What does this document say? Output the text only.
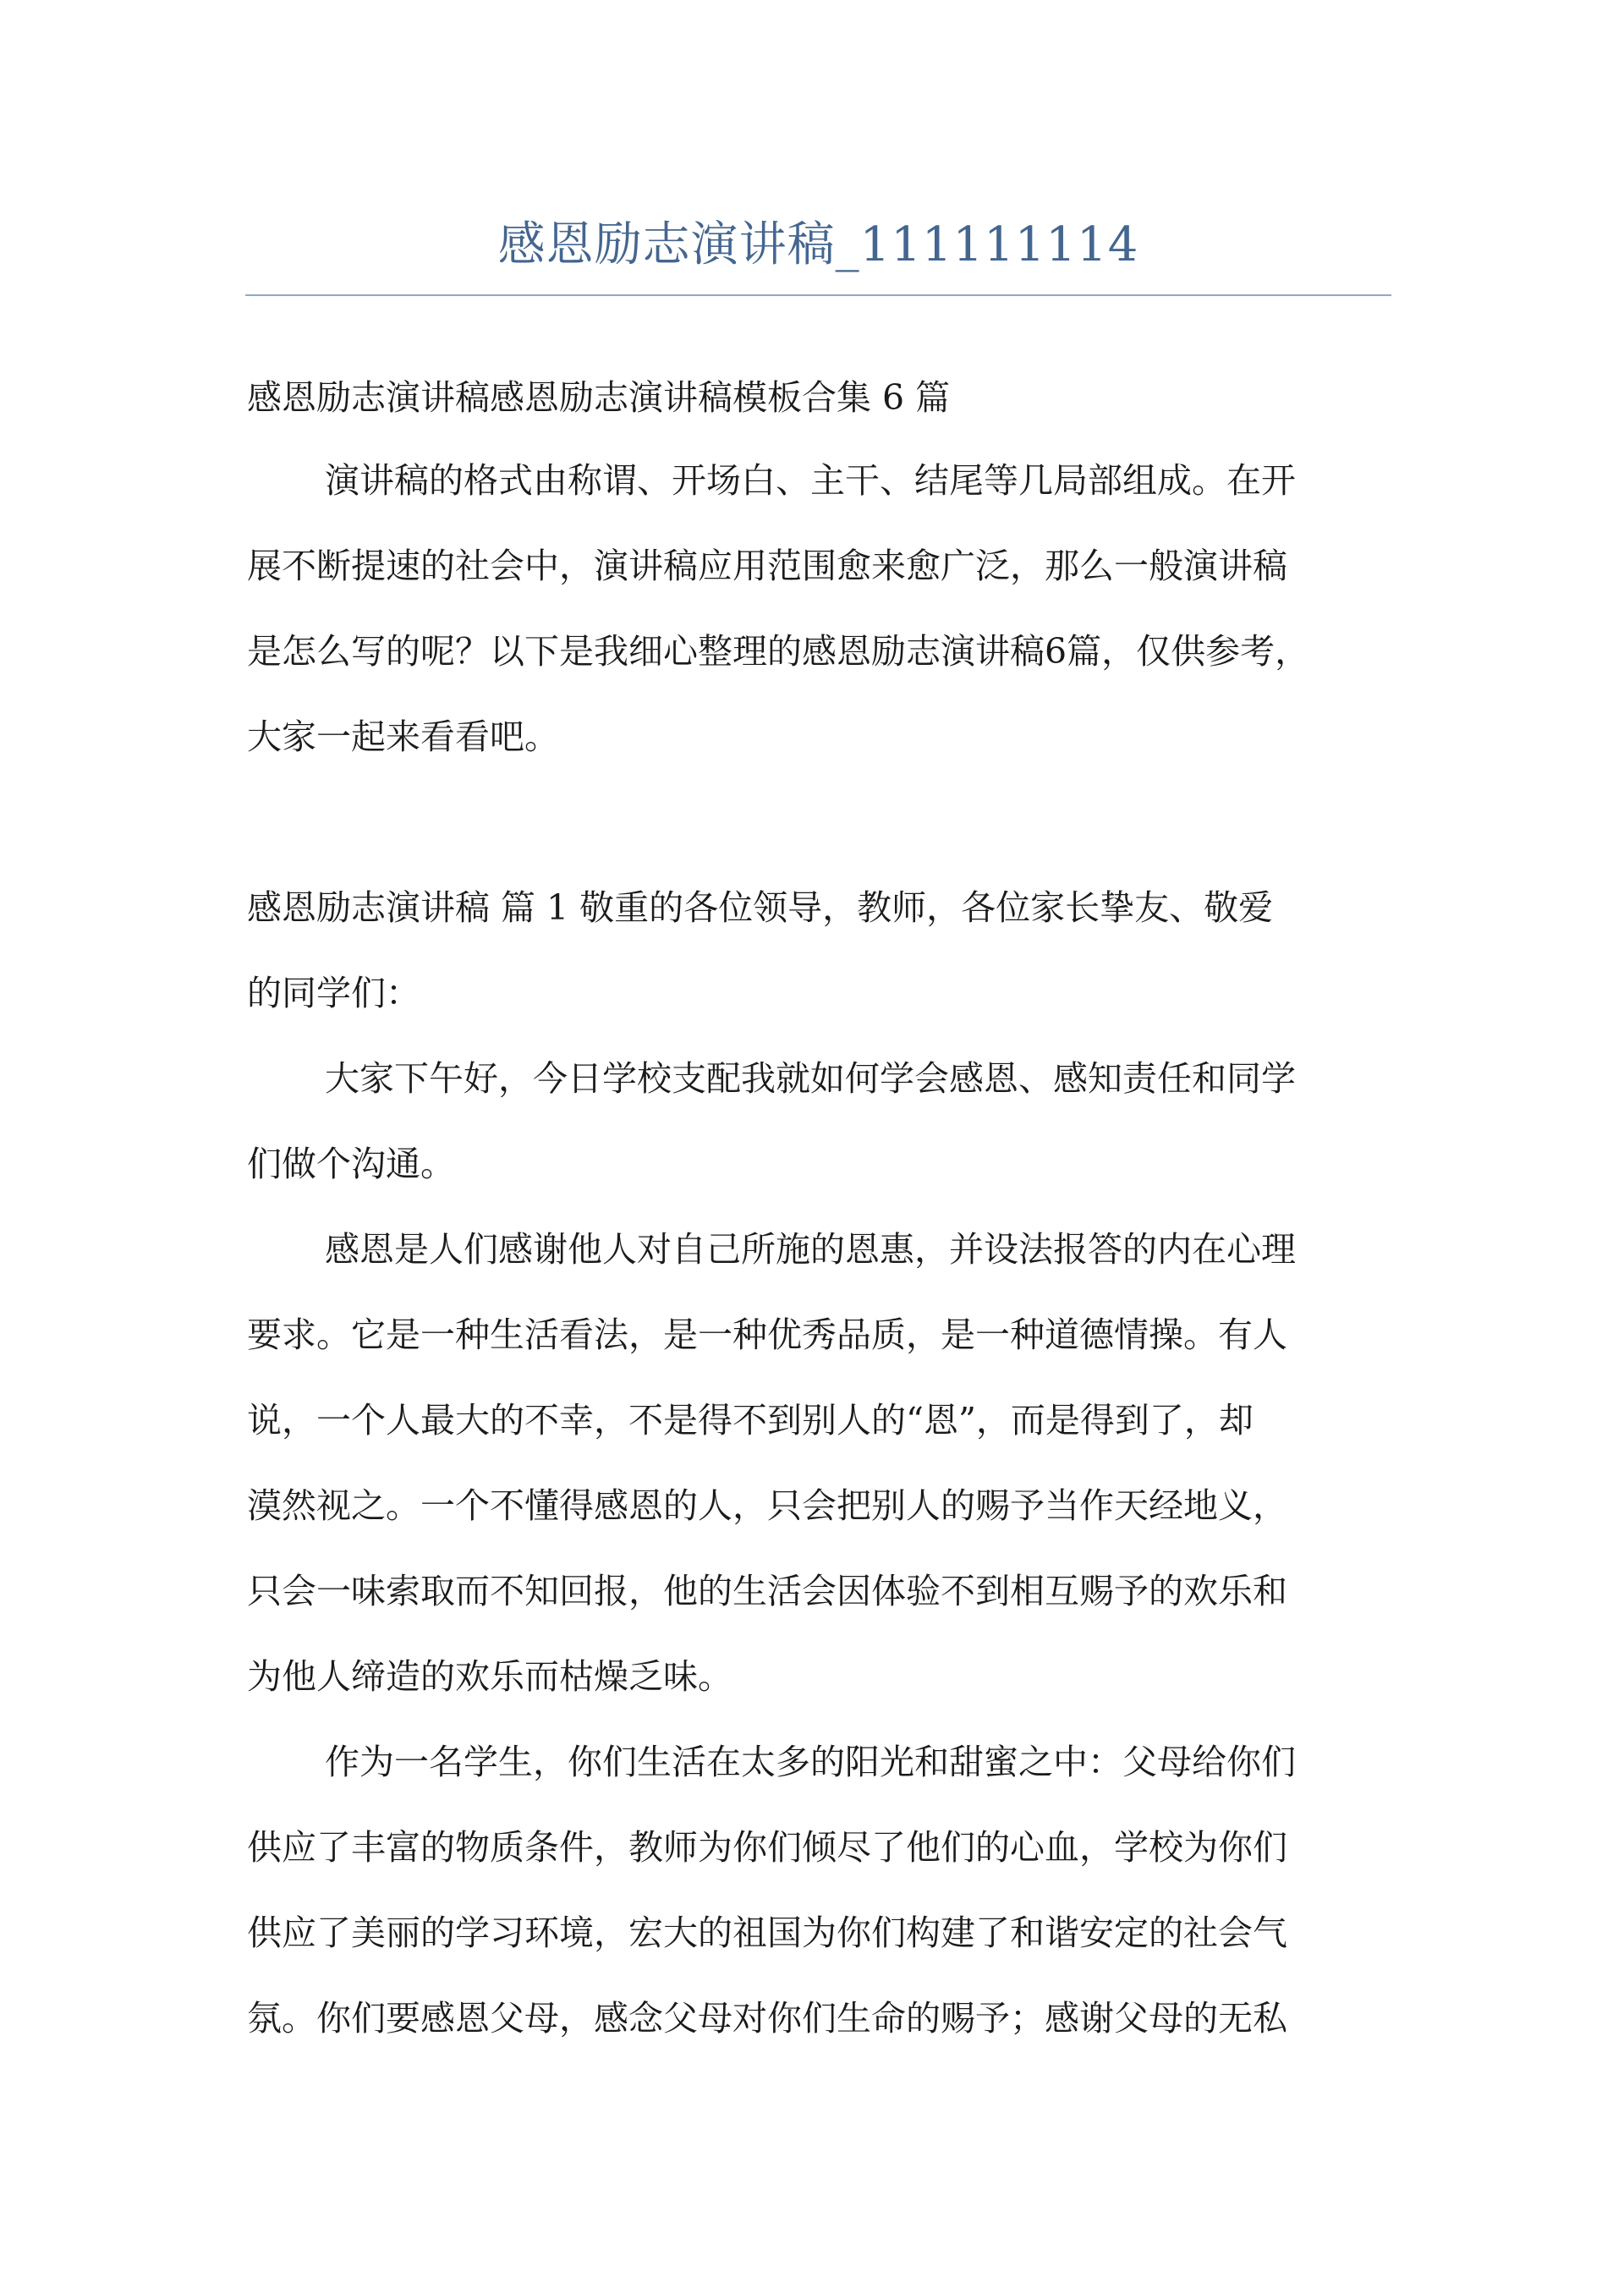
感恩励志演讲稿_111111114
感恩励志演讲稿感恩励志演讲稿模板合集 6 篇
演讲稿的格式由称谓、开场白、主干、结尾等几局部组成。在开
展不断提速的社会中，演讲稿应用范围愈来愈广泛，那么一般演讲稿
是怎么写的呢？以下是我细心整理的感恩励志演讲稿6篇，仅供参考，
大家一起来看看吧。
感恩励志演讲稿 篇 1 敬重的各位领导，教师，各位家长挚友、敬爱
的同学们：
大家下午好，今日学校支配我就如何学会感恩、感知责任和同学
们做个沟通。
感恩是人们感谢他人对自己所施的恩惠，并设法报答的内在心理
要求。它是一种生活看法，是一种优秀品质，是一种道德情操。有人
说，一个人最大的不幸，不是得不到别人的“恩”，而是得到了，却
漠然视之。一个不懂得感恩的人，只会把别人的赐予当作天经地义，
只会一味索取而不知回报，他的生活会因体验不到相互赐予的欢乐和
为他人缔造的欢乐而枯燥乏味。
作为一名学生，你们生活在太多的阳光和甜蜜之中：父母给你们
供应了丰富的物质条件，教师为你们倾尽了他们的心血，学校为你们
供应了美丽的学习环境，宏大的祖国为你们构建了和谐安定的社会气
氛。你们要感恩父母，感念父母对你们生命的赐予；感谢父母的无私
